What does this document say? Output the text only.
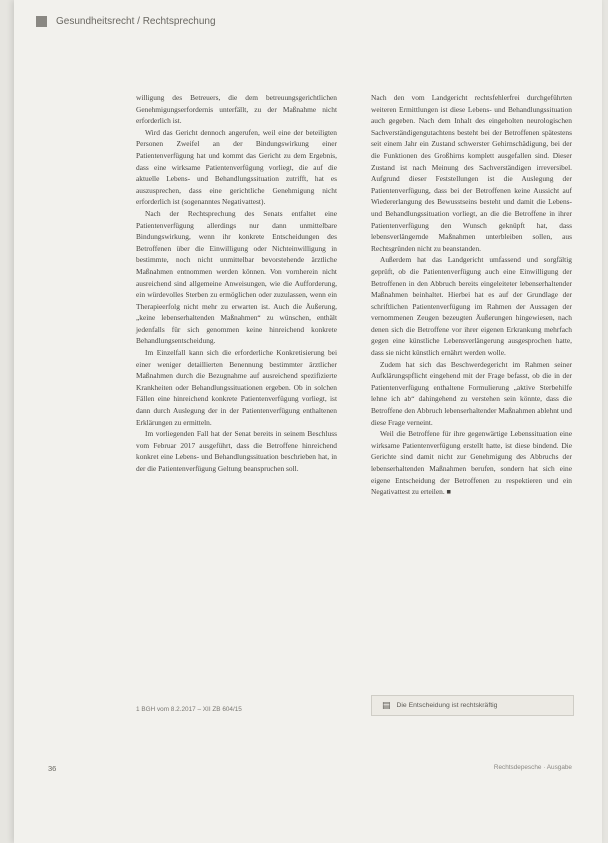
Gesundheitsrecht / Rechtsprechung

willigung des Betreuers, die dem betreuungsgerichtlichen Genehmigungserfordernis unterfällt, zu der Maßnahme nicht erforderlich ist.

Wird das Gericht dennoch angerufen, weil eine der beteiligten Personen Zweifel an der Bindungswirkung einer Patientenverfügung hat und kommt das Gericht zu dem Ergebnis, dass eine wirksame Patientenverfügung vorliegt, die auf die aktuelle Lebens- und Behandlungssituation zutrifft, hat es auszusprechen, dass eine gerichtliche Genehmigung nicht erforderlich ist (sogenanntes Negativattest).

Nach der Rechtsprechung des Senats entfaltet eine Patientenverfügung allerdings nur dann unmittelbare Bindungswirkung, wenn ihr konkrete Entscheidungen des Betroffenen über die Einwilligung oder Nichteinwilligung in bestimmte, noch nicht unmittelbar bevorstehende ärztliche Maßnahmen entnommen werden können. Von vornherein nicht ausreichend sind allgemeine Anweisungen, wie die Aufforderung, ein würdevolles Sterben zu ermöglichen oder zuzulassen, wenn ein Therapieerfolg nicht mehr zu erwarten ist. Auch die Äußerung, „keine lebenserhaltenden Maßnahmen“ zu wünschen, enthält jedenfalls für sich genommen keine hinreichend konkrete Behandlungsentscheidung.

Im Einzelfall kann sich die erforderliche Konkretisierung bei einer weniger detaillierten Benennung bestimmter ärztlicher Maßnahmen durch die Bezugnahme auf ausreichend spezifizierte Krankheiten oder Behandlungssituationen ergeben. Ob in solchen Fällen eine hinreichend konkrete Patientenverfügung vorliegt, ist dann durch Auslegung der in der Patientenverfügung enthaltenen Erklärungen zu ermitteln.

Im vorliegenden Fall hat der Senat bereits in seinem Beschluss vom Februar 2017 ausgeführt, dass die Betroffene hinreichend konkret eine Lebens- und Behandlungssituation beschrieben hat, in der die Patientenverfügung Geltung beanspruchen soll.

Nach den vom Landgericht rechtsfehlerfrei durchgeführten weiteren Ermittlungen ist diese Lebens- und Behandlungssituation auch gegeben. Nach dem Inhalt des eingeholten neurologischen Sachverständigengutachtens besteht bei der Betroffenen spätestens seit einem Jahr ein Zustand schwerster Gehirnschädigung, bei der die Funktionen des Großhirns komplett ausgefallen sind. Dieser Zustand ist nach Meinung des Sachverständigen irreversibel. Aufgrund dieser Feststellungen ist die Auslegung der Patientenverfügung, dass bei der Betroffenen keine Aussicht auf Wiedererlangung des Bewusstseins besteht und damit die Lebens- und Behandlungssituation vorliegt, an die die Betroffene in ihrer Patientenverfügung den Wunsch geknüpft hat, dass lebensverlängernde Maßnahmen unterbleiben sollen, aus Rechtsgründen nicht zu beanstanden.

Außerdem hat das Landgericht umfassend und sorgfältig geprüft, ob die Patientenverfügung auch eine Einwilligung der Betroffenen in den Abbruch bereits eingeleiteter lebenserhaltender Maßnahmen beinhaltet. Hierbei hat es auf der Grundlage der schriftlichen Patientenverfügung im Rahmen der Aussagen der vernommenen Zeugen bezeugten Äußerungen hingewiesen, nach denen sich die Betroffene vor ihrer eigenen Erkrankung mehrfach gegen eine künstliche Lebensverlängerung ausgesprochen hatte, dass sie nicht künstlich ernährt werden wolle.

Zudem hat sich das Beschwerdegericht im Rahmen seiner Aufklärungspflicht eingehend mit der Frage befasst, ob die in der Patientenverfügung enthaltene Formulierung „aktive Sterbehilfe lehne ich ab“ dahingehend zu verstehen sein könnte, dass die Betroffene den Abbruch lebenserhaltender Maßnahmen ablehnt und diese Frage verneint.

Weil die Betroffene für ihre gegenwärtige Lebenssituation eine wirksame Patientenverfügung erstellt hatte, ist diese bindend. Die Gerichte sind damit nicht zur Genehmigung des Abbruchs der lebenserhaltenden Maßnahmen berufen, sondern hat sich eine eigene Entscheidung der Betroffenen zu respektieren und ein Negativattest zu erteilen. ■

1 BGH vom 8.2.2017 – XII ZB 604/15	▤ Die Entscheidung ist rechtskräftig
36	Rechtsdepesche · Ausgabe
